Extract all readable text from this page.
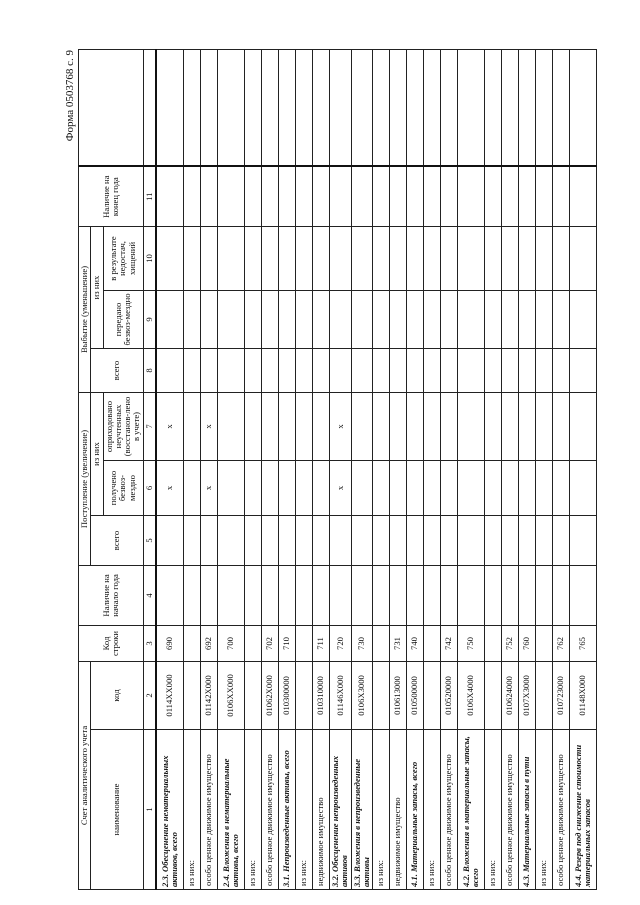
Форма 0503768 с. 9
Счет аналитического учета		Код строки	Наличие на начало года	Поступление (увеличение)			Выбытие (уменьшение)			Наличие на конец года	
наименование	код			всего	из них		всего	из них			
					получено безвоз-мездно	оприходовано неучтенных (восстанов-лено в учете)		передано безвоз-мездно	в результате недостач, хищений		
1	2	3	4	5	6	7	8	9	10	11	
2.3. Обесценение нематериальных активов, всего	0114XX000	690			х	х					
из них:											
особо ценное движимое имущество	01142X000	692			х	х					
2.4. Вложения в нематериальные активы, всего	0106XX000	700									
из них:											
особо ценное движимое имущество	01062X000	702									
3.1. Непроизведенные активы, всего	010300000	710									
из них:											
недвижимое имущество	010310000	711									
3.2. Обесценение непроизведенных активов	01146X000	720			х	х					
3.3. Вложения в непроизведенные активы	0106X3000	730									
из них:											
недвижимое имущество	010613000	731									
4.1. Материальные запасы, всего	010500000	740									
из них:											
особо ценное движимое имущество	010520000	742									
4.2. Вложения в материальные запасы, всего	0106X4000	750									
из них:											
особо ценное движимое имущество	010624000	752									
4.3. Материальные запасы в пути	0107X3000	760									
из них:											
особо ценное движимое имущество	010723000	762									
4.4. Резерв под снижение стоимости материальных запасов	01148X000	765									
